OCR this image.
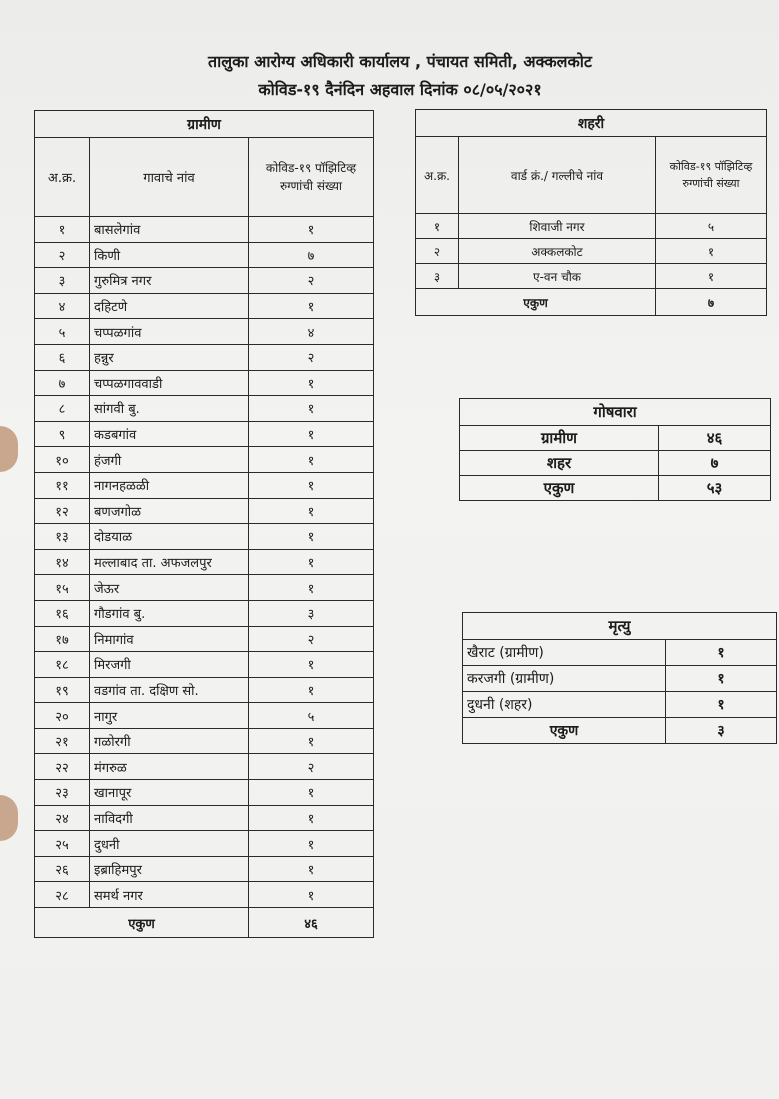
तालुका आरोग्य अधिकारी कार्यालय , पंचायत समिती, अक्कलकोट
कोविड-१९ दैनंदिन अहवाल दिनांक ०८/०५/२०२१
ग्रामीण		
अ.क्र.	गावाचे नांव	कोविड-१९ पॉझिटिव्ह रुग्णांची संख्या
१	बासलेगांव	१
२	किणी	७
३	गुरुमित्र नगर	२
४	दहिटणे	१
५	चप्पळगांव	४
६	हन्नुर	२
७	चप्पळगाववाडी	१
८	सांगवी बु.	१
९	कडबगांव	१
१०	हंजगी	१
११	नागनहळळी	१
१२	बणजगोळ	१
१३	दोडयाळ	१
१४	मल्लाबाद ता. अफजलपुर	१
१५	जेऊर	१
१६	गौडगांव बु.	३
१७	निमागांव	२
१८	मिरजगी	१
१९	वडगांव ता. दक्षिण सो.	१
२०	नागुर	५
२१	गळोरगी	१
२२	मंगरुळ	२
२३	खानापूर	१
२४	नाविदगी	१
२५	दुधनी	१
२६	इब्राहिमपुर	१
२८	समर्थ नगर	१
एकुण		४६
शहरी		
अ.क्र.	वार्ड क्रं./ गल्लीचे नांव	कोविड-१९ पॉझिटिव्ह रुग्णांची संख्या
१	शिवाजी नगर	५
२	अक्कलकोट	१
३	ए-वन चौक	१
एकुण		७
गोषवारा	
ग्रामीण	४६
शहर	७
एकुण	५३
मृत्यु	
खैराट (ग्रामीण)	१
करजगी (ग्रामीण)	१
दुधनी (शहर)	१
एकुण	३
